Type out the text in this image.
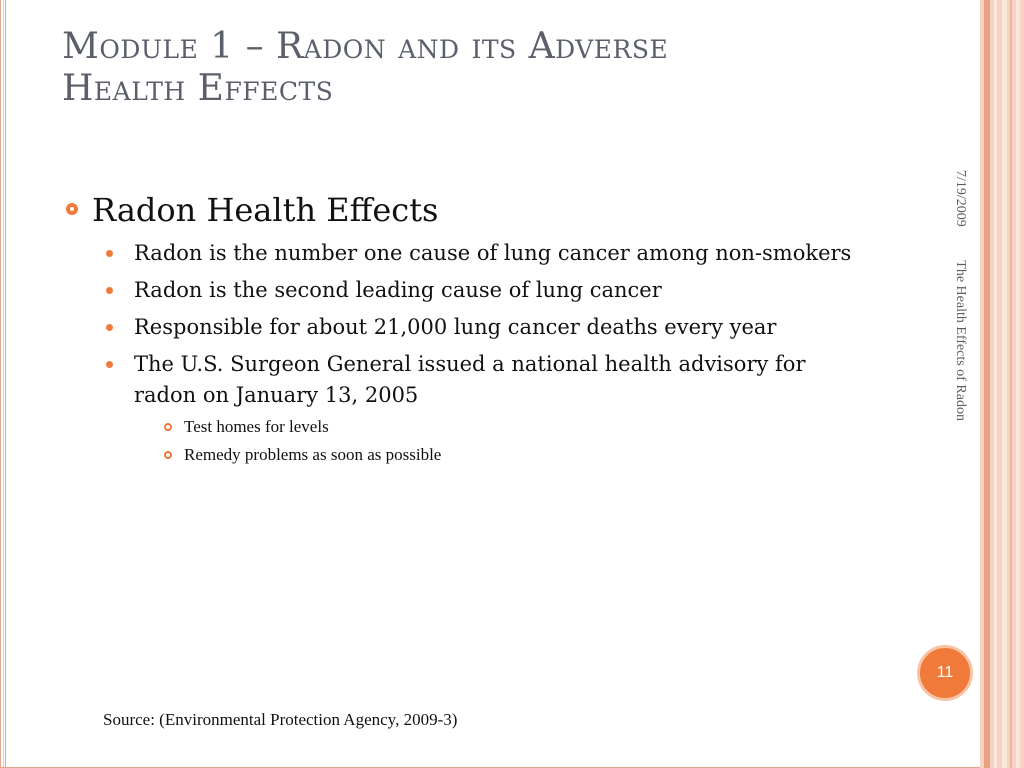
Module 1 – Radon and its Adverse
Health Effects
7/19/2009 The Health Effects of Radon
Radon Health Effects
Radon is the number one cause of lung cancer among non-smokers
Radon is the second leading cause of lung cancer
Responsible for about 21,000 lung cancer deaths every year
The U.S. Surgeon General issued a national health advisory for radon on January 13, 2005
Test homes for levels
Remedy problems as soon as possible
11
Source: (Environmental Protection Agency, 2009-3)
